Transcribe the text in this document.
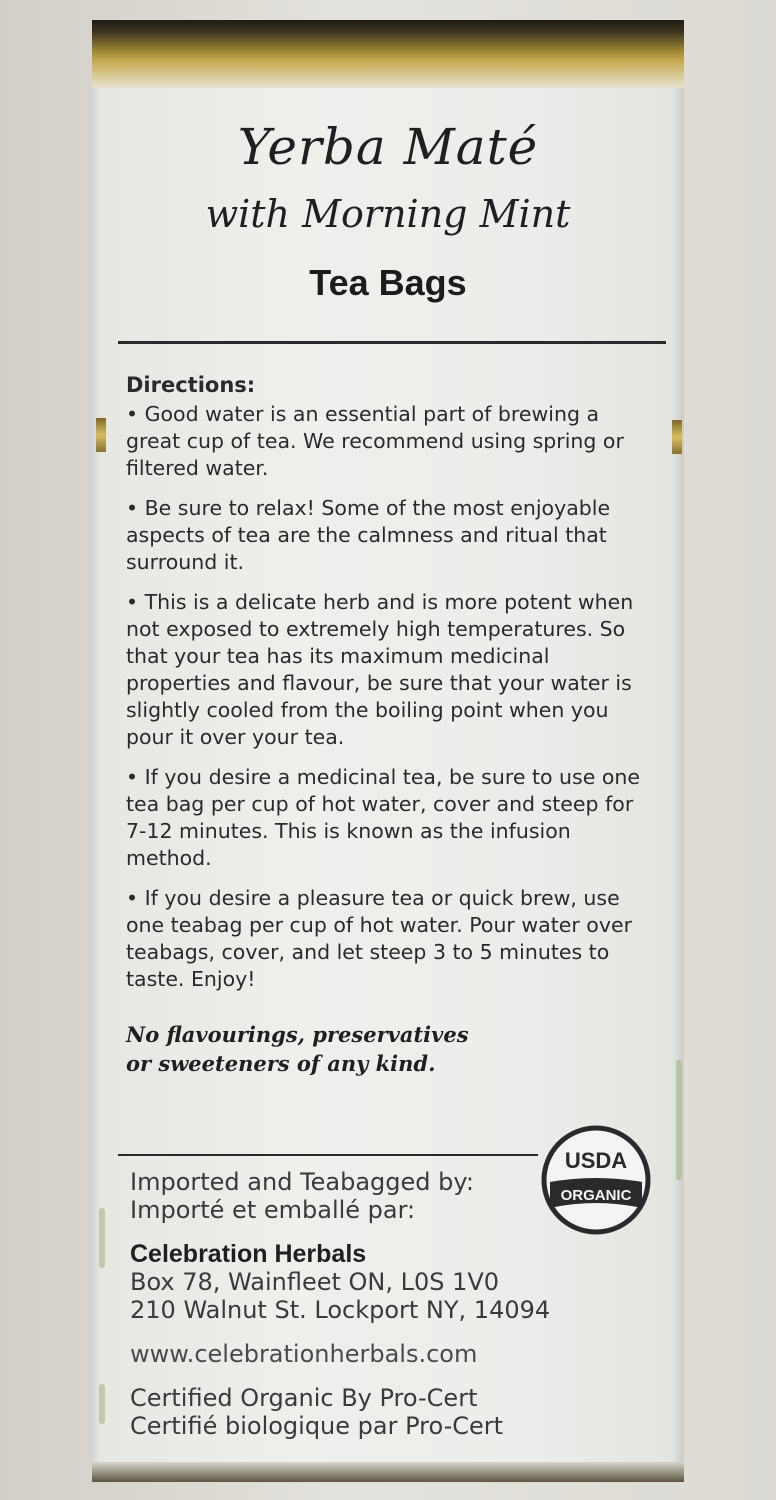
Yerba Maté
with Morning Mint
Tea Bags
Directions:

• Good water is an essential part of brewing a great cup of tea. We recommend using spring or filtered water.

• Be sure to relax! Some of the most enjoyable aspects of tea are the calmness and ritual that surround it.

• This is a delicate herb and is more potent when not exposed to extremely high temperatures. So that your tea has its maximum medicinal properties and flavour, be sure that your water is slightly cooled from the boiling point when you pour it over your tea.

• If you desire a medicinal tea, be sure to use one tea bag per cup of hot water, cover and steep for 7-12 minutes. This is known as the infusion method.

• If you desire a pleasure tea or quick brew, use one teabag per cup of hot water. Pour water over teabags, cover, and let steep 3 to 5 minutes to taste. Enjoy!

No flavourings, preservatives
or sweeteners of any kind.
USDA
ORGANIC
Imported and Teabagged by:
Importé et emballé par:
Celebration Herbals
Box 78, Wainfleet ON, L0S 1V0
210 Walnut St. Lockport NY, 14094
www.celebrationherbals.com
Certified Organic By Pro-Cert
Certifié biologique par Pro-Cert
